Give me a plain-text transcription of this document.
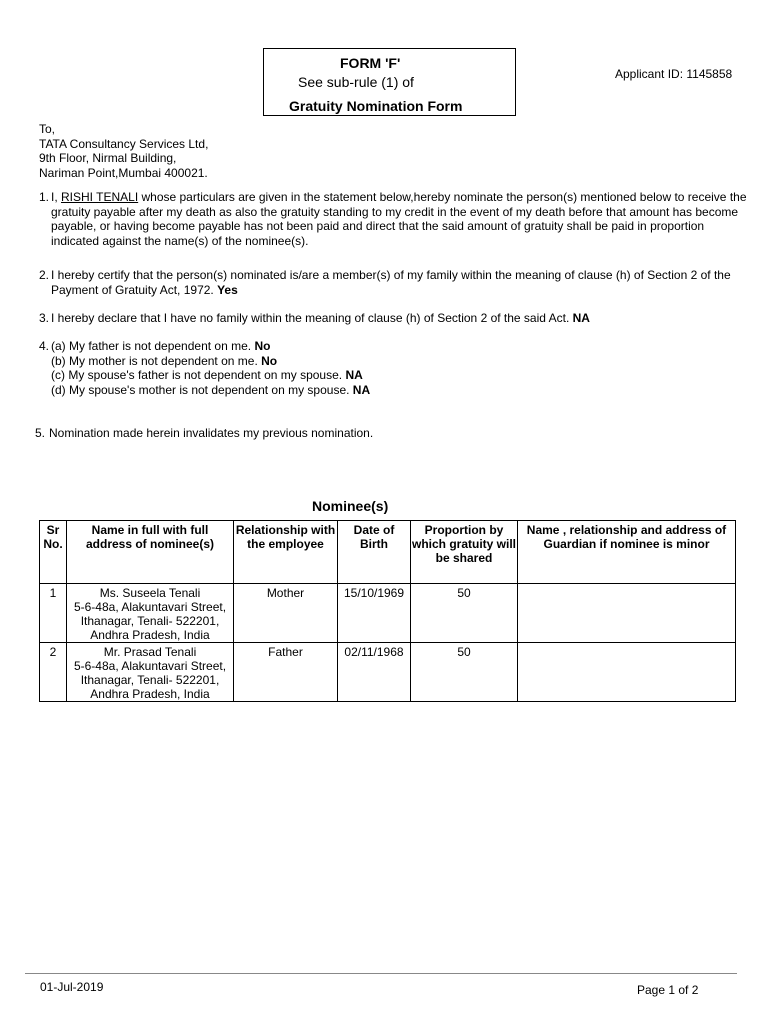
FORM 'F'
See sub-rule (1) of
Gratuity Nomination Form
Applicant ID: 1145858
To,
TATA Consultancy Services Ltd,
9th Floor, Nirmal Building,
Nariman Point,Mumbai 400021.
1. I, RISHI TENALI whose particulars are given in the statement below,hereby nominate the person(s) mentioned below to receive the gratuity payable after my death as also the gratuity standing to my credit in the event of my death before that amount has become payable, or having become payable has not been paid and direct that the said amount of gratuity shall be paid in proportion indicated against the name(s) of the nominee(s).
2. I hereby certify that the person(s) nominated is/are a member(s) of my family within the meaning of clause (h) of Section 2 of the Payment of Gratuity Act, 1972. Yes
3. I hereby declare that I have no family within the meaning of clause (h) of Section 2 of the said Act. NA
4. (a) My father is not dependent on me. No
(b) My mother is not dependent on me. No
(c) My spouse's father is not dependent on my spouse. NA
(d) My spouse's mother is not dependent on my spouse. NA
5. Nomination made herein invalidates my previous nomination.
Nominee(s)
Sr No.	Name in full with full address of nominee(s)	Relationship with the employee	Date of Birth	Proportion by which gratuity will be shared	Name , relationship and address of Guardian if nominee is minor
1	Ms. Suseela Tenali
5-6-48a, Alakuntavari Street,
Ithanagar, Tenali- 522201,
Andhra Pradesh, India	Mother	15/10/1969	50	
2	Mr. Prasad Tenali
5-6-48a, Alakuntavari Street,
Ithanagar, Tenali- 522201,
Andhra Pradesh, India	Father	02/11/1968	50	
01-Jul-2019	Page 1 of 2
